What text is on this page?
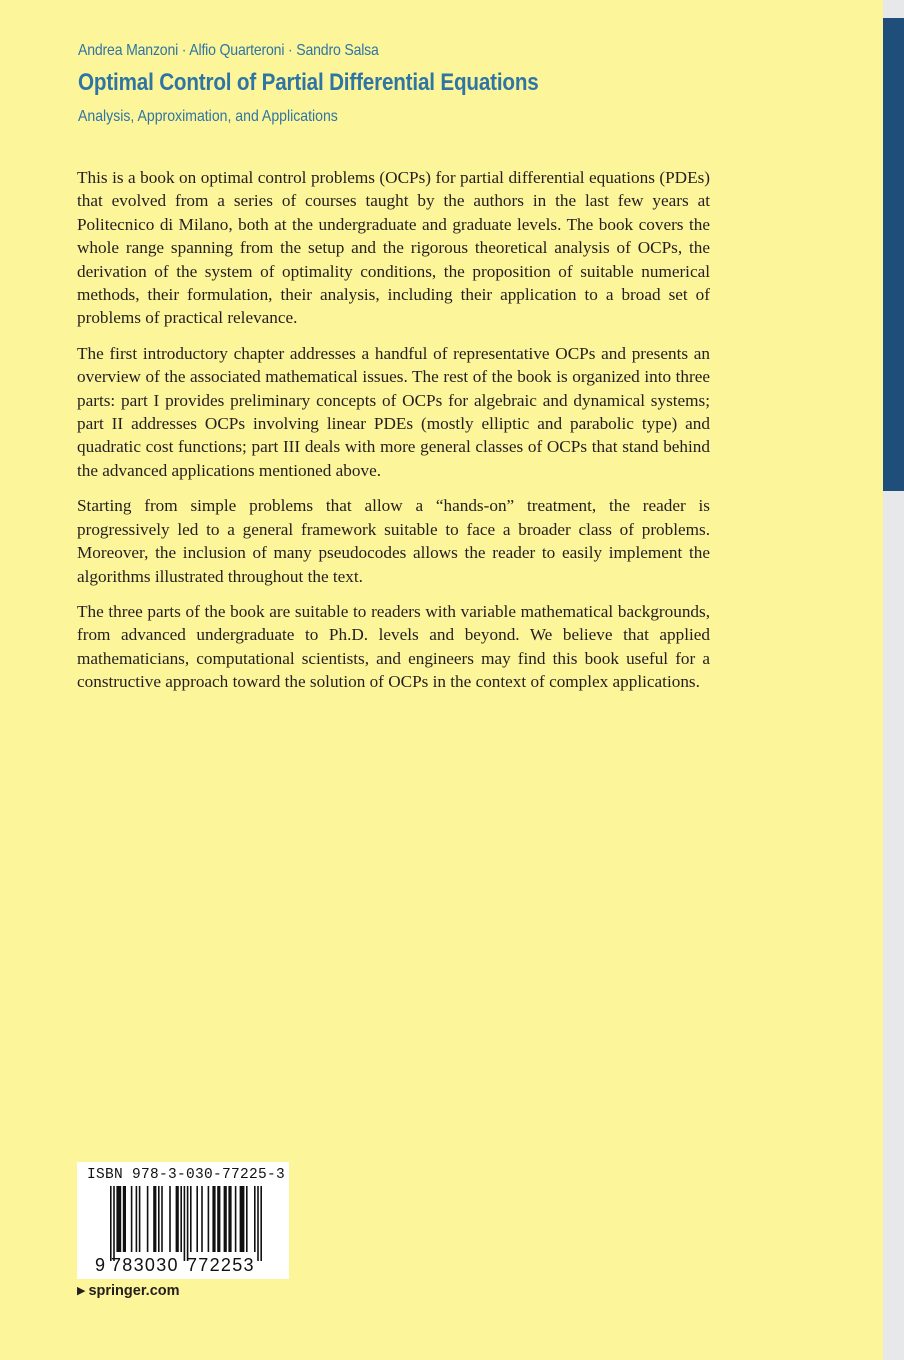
Andrea Manzoni · Alfio Quarteroni · Sandro Salsa
Optimal Control of Partial Differential Equations
Analysis, Approximation, and Applications

This is a book on optimal control problems (OCPs) for partial differential equations (PDEs) that evolved from a series of courses taught by the authors in the last few years at Politecnico di Milano, both at the undergraduate and graduate levels. The book covers the whole range spanning from the setup and the rigorous theoretical analysis of OCPs, the derivation of the system of optimality conditions, the proposition of suitable numerical methods, their formulation, their analysis, including their application to a broad set of problems of practical relevance.

The first introductory chapter addresses a handful of representative OCPs and presents an overview of the associated mathematical issues. The rest of the book is organized into three parts: part I provides preliminary concepts of OCPs for algebraic and dynamical systems; part II addresses OCPs involving linear PDEs (mostly elliptic and parabolic type) and quadratic cost functions; part III deals with more general classes of OCPs that stand behind the advanced applications mentioned above.

Starting from simple problems that allow a “hands-on” treatment, the reader is progressively led to a general framework suitable to face a broader class of problems. Moreover, the inclusion of many pseudocodes allows the reader to easily implement the algorithms illustrated throughout the text.

The three parts of the book are suitable to readers with variable mathematical backgrounds, from advanced undergraduate to Ph.D. levels and beyond. We believe that applied mathematicians, computational scientists, and engineers may find this book useful for a constructive approach toward the solution of OCPs in the context of complex applications.

ISBN 978-3-030-77225-3
9 783030 772253
▶ springer.com
